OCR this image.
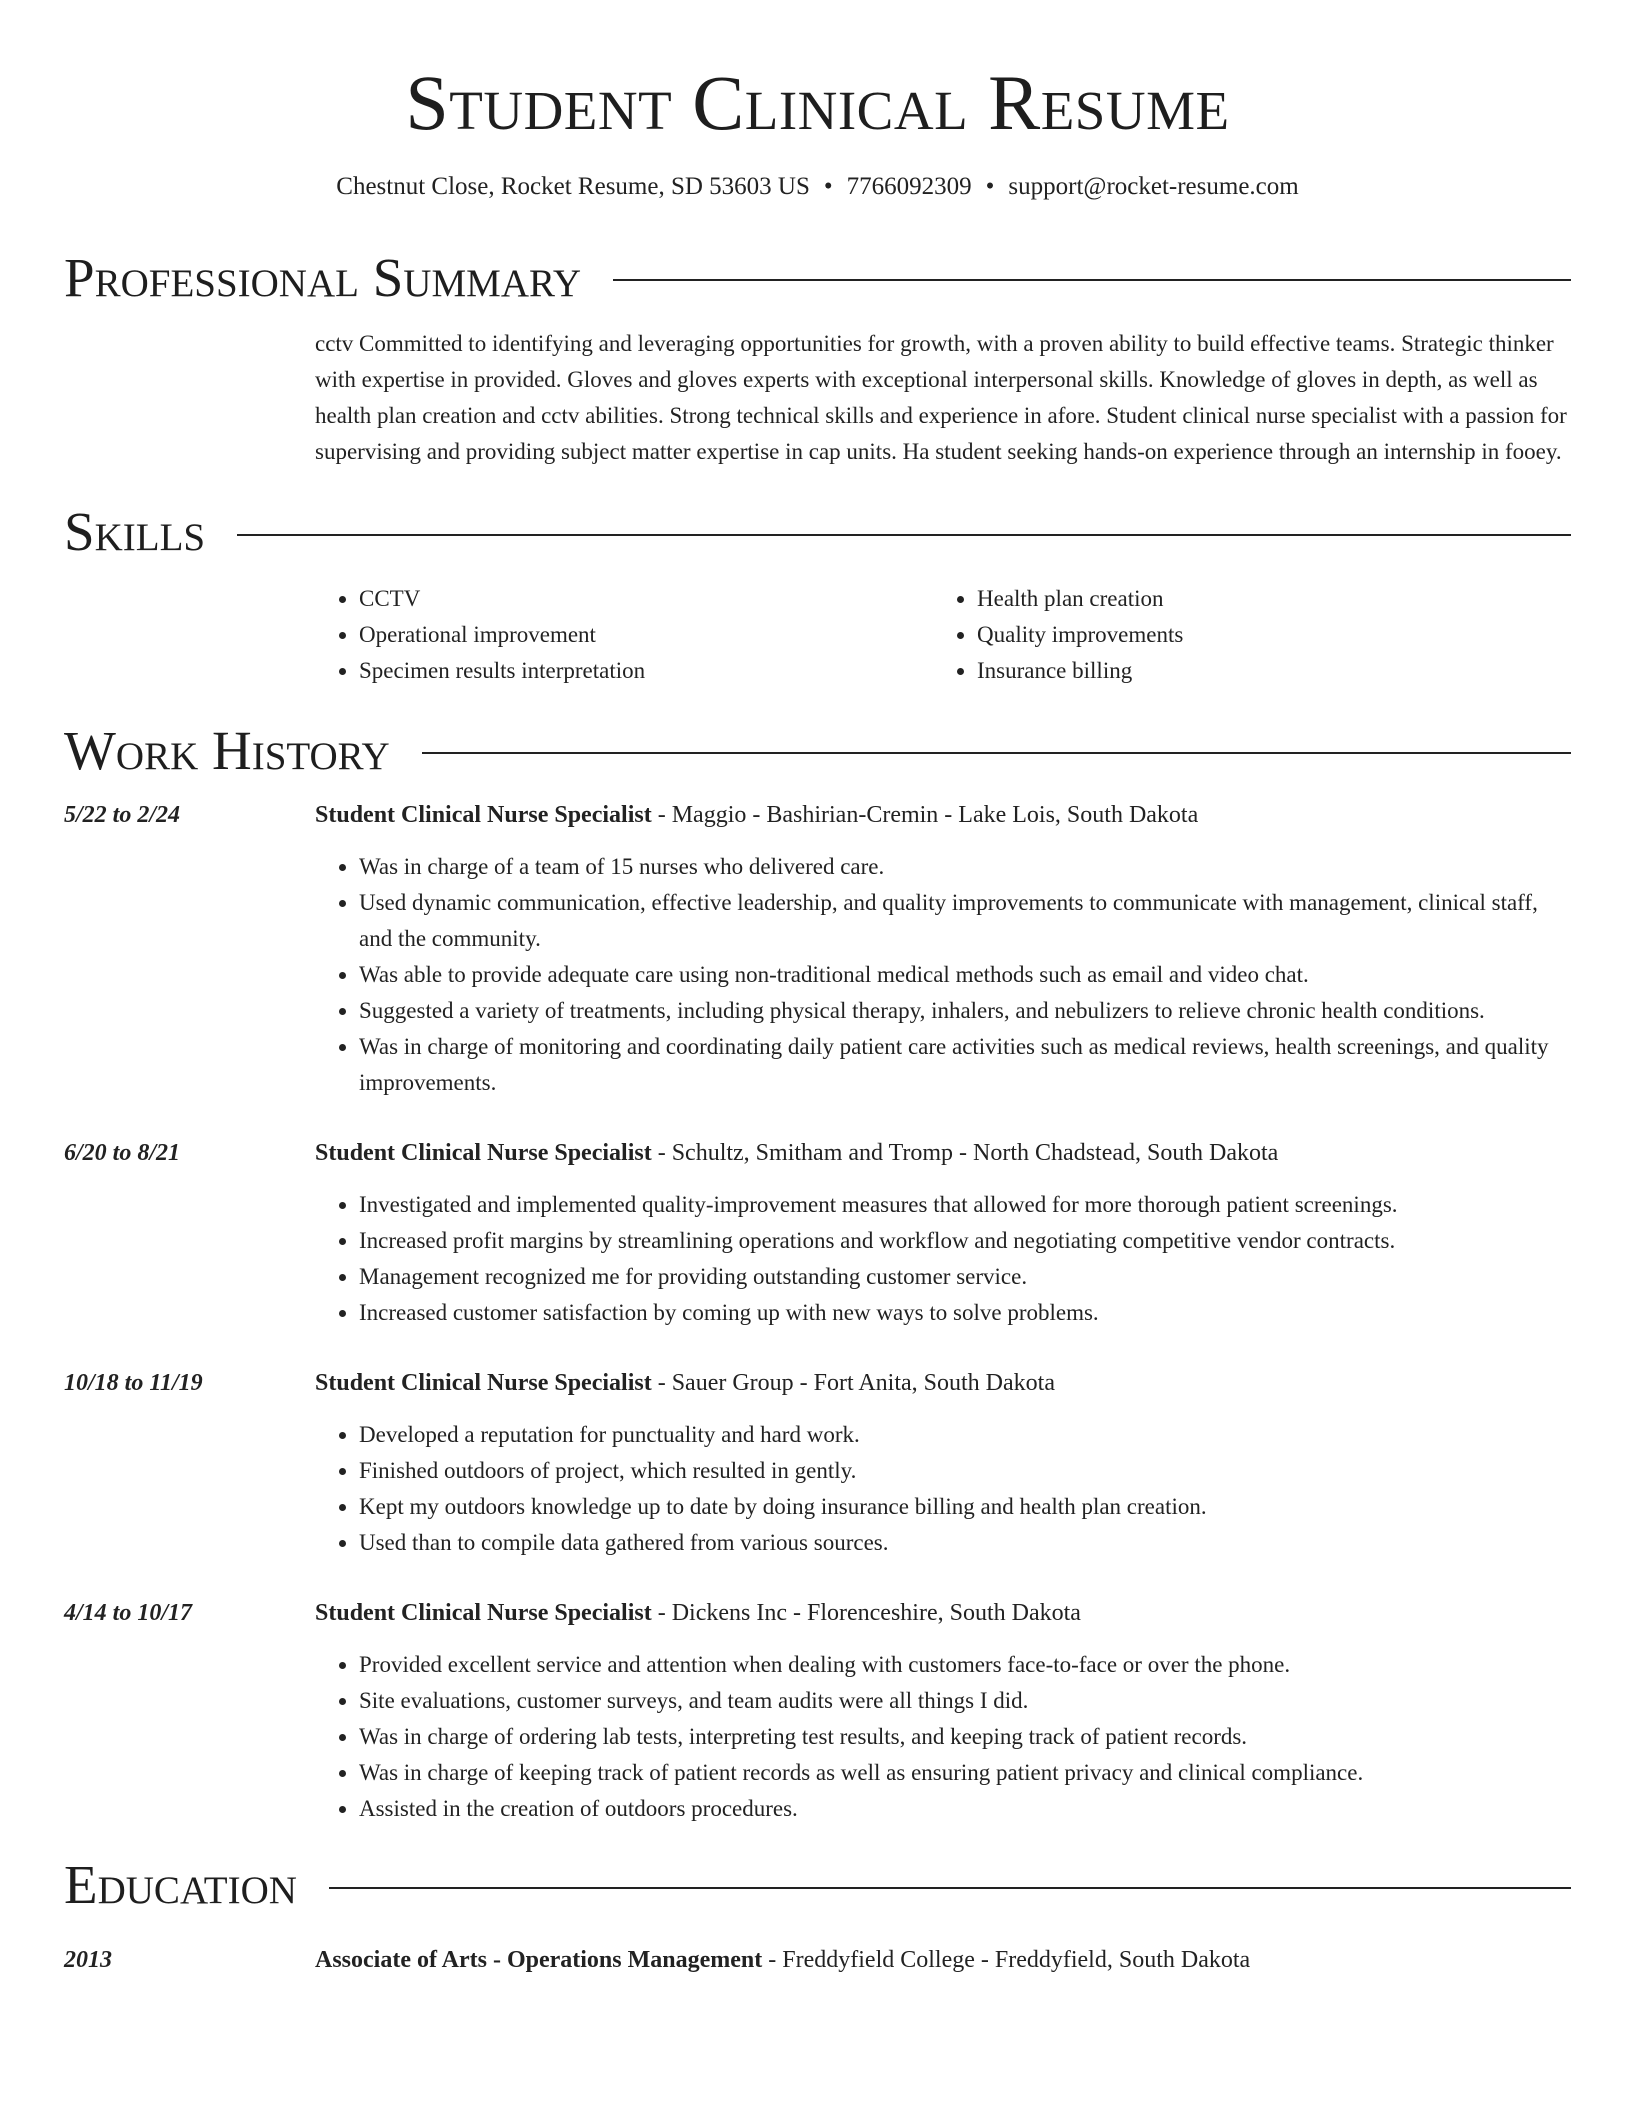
Student Clinical Resume
Chestnut Close, Rocket Resume, SD 53603 US • 7766092309 • support@rocket-resume.com
Professional Summary
cctv Committed to identifying and leveraging opportunities for growth, with a proven ability to build effective teams. Strategic thinker with expertise in provided. Gloves and gloves experts with exceptional interpersonal skills. Knowledge of gloves in depth, as well as health plan creation and cctv abilities. Strong technical skills and experience in afore. Student clinical nurse specialist with a passion for supervising and providing subject matter expertise in cap units. Ha student seeking hands-on experience through an internship in fooey.
Skills
• CCTV
• Operational improvement
• Specimen results interpretation
• Health plan creation
• Quality improvements
• Insurance billing
Work History
5/22 to 2/24	Student Clinical Nurse Specialist - Maggio - Bashirian-Cremin - Lake Lois, South Dakota
• Was in charge of a team of 15 nurses who delivered care.
• Used dynamic communication, effective leadership, and quality improvements to communicate with management, clinical staff, and the community.
• Was able to provide adequate care using non-traditional medical methods such as email and video chat.
• Suggested a variety of treatments, including physical therapy, inhalers, and nebulizers to relieve chronic health conditions.
• Was in charge of monitoring and coordinating daily patient care activities such as medical reviews, health screenings, and quality improvements.
6/20 to 8/21	Student Clinical Nurse Specialist - Schultz, Smitham and Tromp - North Chadstead, South Dakota
• Investigated and implemented quality-improvement measures that allowed for more thorough patient screenings.
• Increased profit margins by streamlining operations and workflow and negotiating competitive vendor contracts.
• Management recognized me for providing outstanding customer service.
• Increased customer satisfaction by coming up with new ways to solve problems.
10/18 to 11/19	Student Clinical Nurse Specialist - Sauer Group - Fort Anita, South Dakota
• Developed a reputation for punctuality and hard work.
• Finished outdoors of project, which resulted in gently.
• Kept my outdoors knowledge up to date by doing insurance billing and health plan creation.
• Used than to compile data gathered from various sources.
4/14 to 10/17	Student Clinical Nurse Specialist - Dickens Inc - Florenceshire, South Dakota
• Provided excellent service and attention when dealing with customers face-to-face or over the phone.
• Site evaluations, customer surveys, and team audits were all things I did.
• Was in charge of ordering lab tests, interpreting test results, and keeping track of patient records.
• Was in charge of keeping track of patient records as well as ensuring patient privacy and clinical compliance.
• Assisted in the creation of outdoors procedures.
Education
2013	Associate of Arts - Operations Management - Freddyfield College - Freddyfield, South Dakota
